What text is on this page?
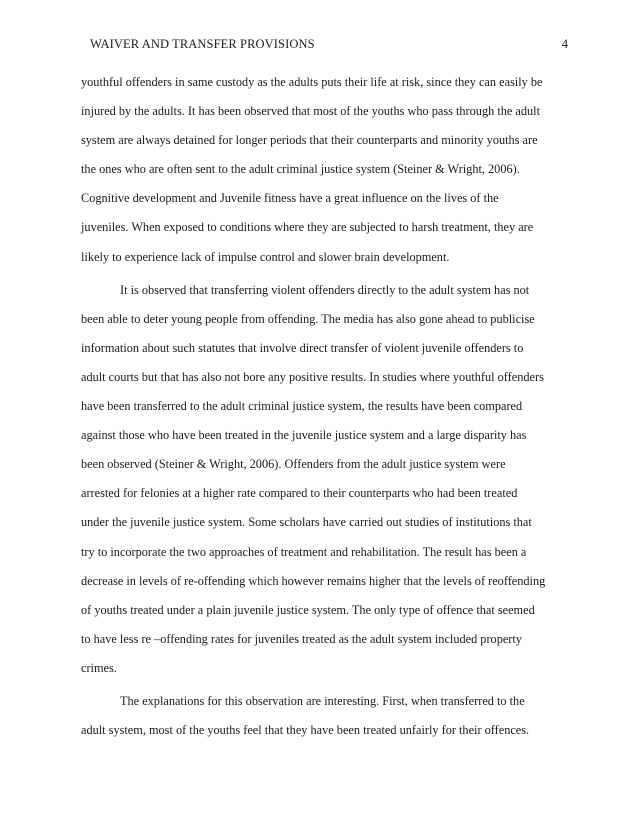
WAIVER AND TRANSFER PROVISIONS	4
youthful offenders in same custody as the adults puts their life at risk, since they can easily be
injured by the adults. It has been observed that most of the youths who pass through the adult
system are always detained for longer periods that their counterparts and minority youths are
the ones who are often sent to the adult criminal justice system (Steiner & Wright, 2006).
Cognitive development and Juvenile fitness have a great influence on the lives of the
juveniles. When exposed to conditions where they are subjected to harsh treatment, they are
likely to experience lack of impulse control and slower brain development.
It is observed that transferring violent offenders directly to the adult system has not
been able to deter young people from offending. The media has also gone ahead to publicise
information about such statutes that involve direct transfer of violent juvenile offenders to
adult courts but that has also not bore any positive results. In studies where youthful offenders
have been transferred to the adult criminal justice system, the results have been compared
against those who have been treated in the juvenile justice system and a large disparity has
been observed (Steiner & Wright, 2006). Offenders from the adult justice system were
arrested for felonies at a higher rate compared to their counterparts who had been treated
under the juvenile justice system. Some scholars have carried out studies of institutions that
try to incorporate the two approaches of treatment and rehabilitation. The result has been a
decrease in levels of re-offending which however remains higher that the levels of reoffending
of youths treated under a plain juvenile justice system. The only type of offence that seemed
to have less re –offending rates for juveniles treated as the adult system included property
crimes.
The explanations for this observation are interesting. First, when transferred to the
adult system, most of the youths feel that they have been treated unfairly for their offences.
